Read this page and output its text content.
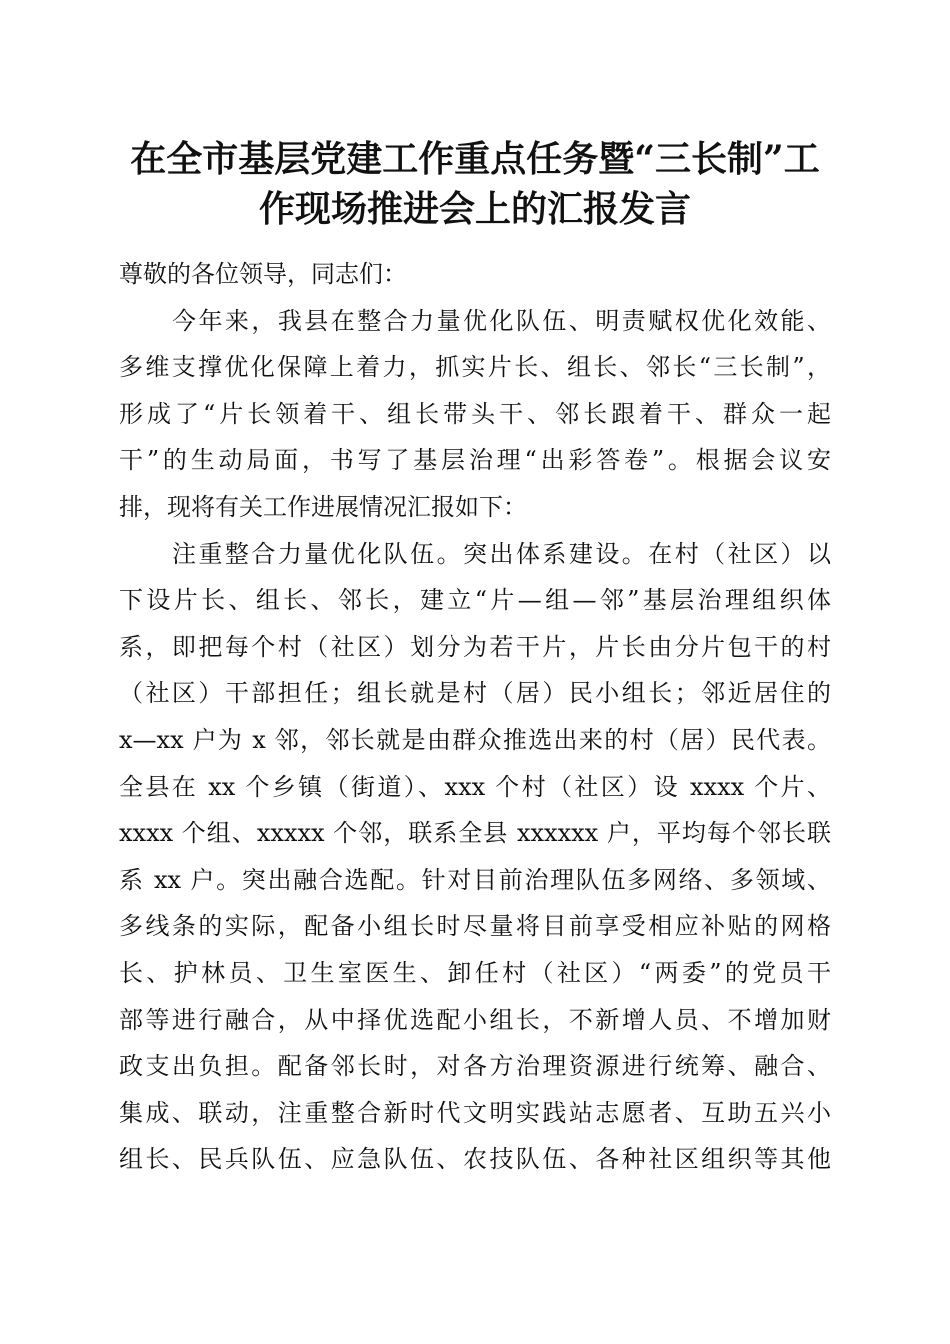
在全市基层党建工作重点任务暨“三长制”工
作现场推进会上的汇报发言
尊敬的各位领导，同志们：
今年来，我县在整合力量优化队伍、明责赋权优化效能、
多维支撑优化保障上着力，抓实片长、组长、邻长“三长制”，
形成了“片长领着干、组长带头干、邻长跟着干、群众一起
干”的生动局面，书写了基层治理“出彩答卷”。根据会议安
排，现将有关工作进展情况汇报如下：
注重整合力量优化队伍。突出体系建设。在村（社区）以
下设片长、组长、邻长，建立“片—组—邻”基层治理组织体
系，即把每个村（社区）划分为若干片，片长由分片包干的村
（社区）干部担任；组长就是村（居）民小组长；邻近居住的
x—xx 户为 x 邻，邻长就是由群众推选出来的村（居）民代表。
全县在 xx 个乡镇（街道）、xxx 个村（社区）设 xxxx 个片、
xxxx 个组、xxxxx 个邻，联系全县 xxxxxx 户，平均每个邻长联
系 xx 户。突出融合选配。针对目前治理队伍多网络、多领域、
多线条的实际，配备小组长时尽量将目前享受相应补贴的网格
长、护林员、卫生室医生、卸任村（社区）“两委”的党员干
部等进行融合，从中择优选配小组长，不新增人员、不增加财
政支出负担。配备邻长时，对各方治理资源进行统筹、融合、
集成、联动，注重整合新时代文明实践站志愿者、互助五兴小
组长、民兵队伍、应急队伍、农技队伍、各种社区组织等其他
